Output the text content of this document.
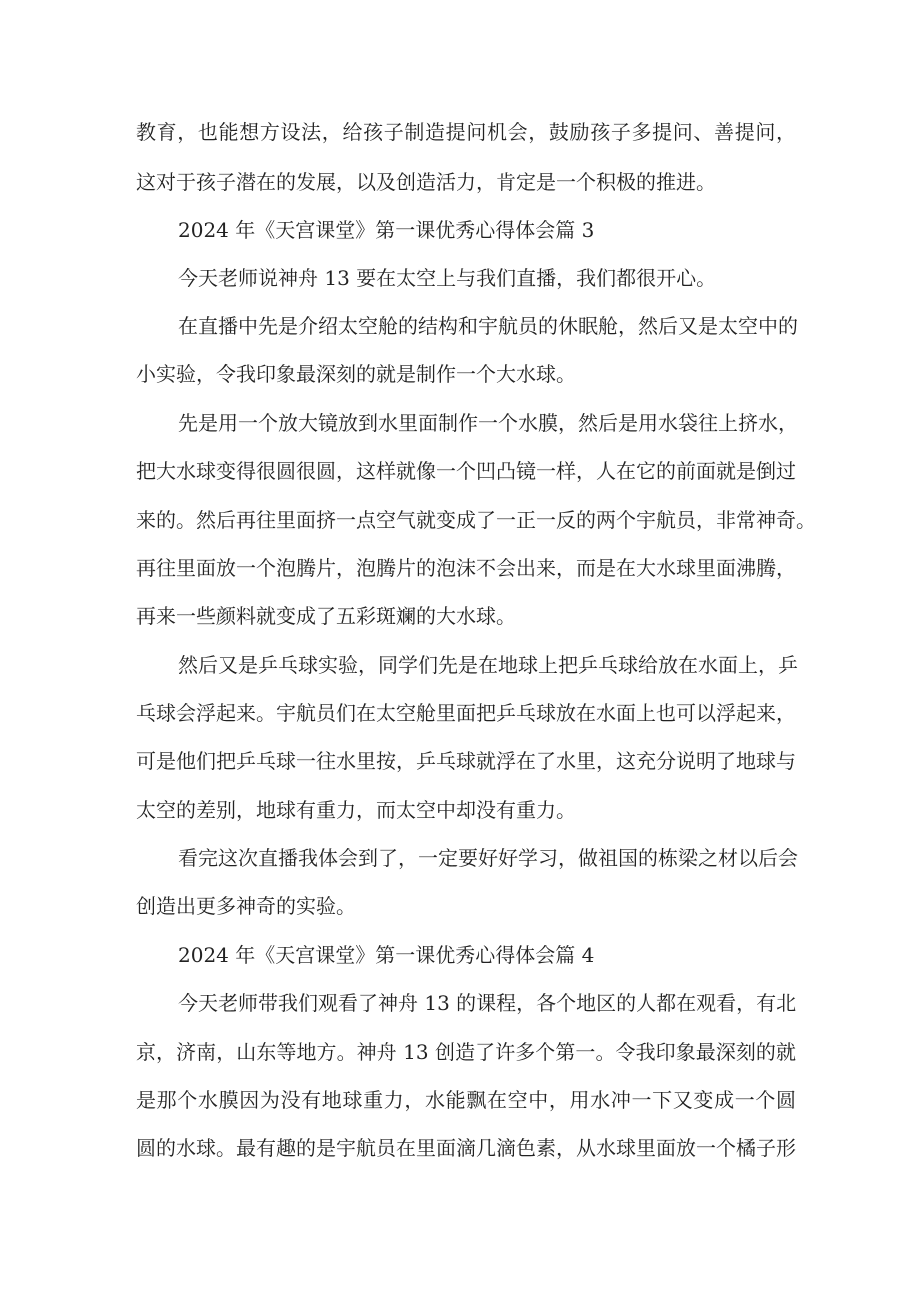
教育，也能想方设法，给孩子制造提问机会，鼓励孩子多提问、善提问，
这对于孩子潜在的发展，以及创造活力，肯定是一个积极的推进。
2024 年《天宫课堂》第一课优秀心得体会篇 3
今天老师说神舟 13 要在太空上与我们直播，我们都很开心。
在直播中先是介绍太空舱的结构和宇航员的休眠舱，然后又是太空中的
小实验，令我印象最深刻的就是制作一个大水球。
先是用一个放大镜放到水里面制作一个水膜，然后是用水袋往上挤水，
把大水球变得很圆很圆，这样就像一个凹凸镜一样，人在它的前面就是倒过
来的。然后再往里面挤一点空气就变成了一正一反的两个宇航员，非常神奇。
再往里面放一个泡腾片，泡腾片的泡沫不会出来，而是在大水球里面沸腾，
再来一些颜料就变成了五彩斑斓的大水球。
然后又是乒乓球实验，同学们先是在地球上把乒乓球给放在水面上，乒
乓球会浮起来。宇航员们在太空舱里面把乒乓球放在水面上也可以浮起来，
可是他们把乒乓球一往水里按，乒乓球就浮在了水里，这充分说明了地球与
太空的差别，地球有重力，而太空中却没有重力。
看完这次直播我体会到了，一定要好好学习，做祖国的栋梁之材以后会
创造出更多神奇的实验。
2024 年《天宫课堂》第一课优秀心得体会篇 4
今天老师带我们观看了神舟 13 的课程，各个地区的人都在观看，有北
京，济南，山东等地方。神舟 13 创造了许多个第一。令我印象最深刻的就
是那个水膜因为没有地球重力，水能飘在空中，用水冲一下又变成一个圆
圆的水球。最有趣的是宇航员在里面滴几滴色素，从水球里面放一个橘子形
